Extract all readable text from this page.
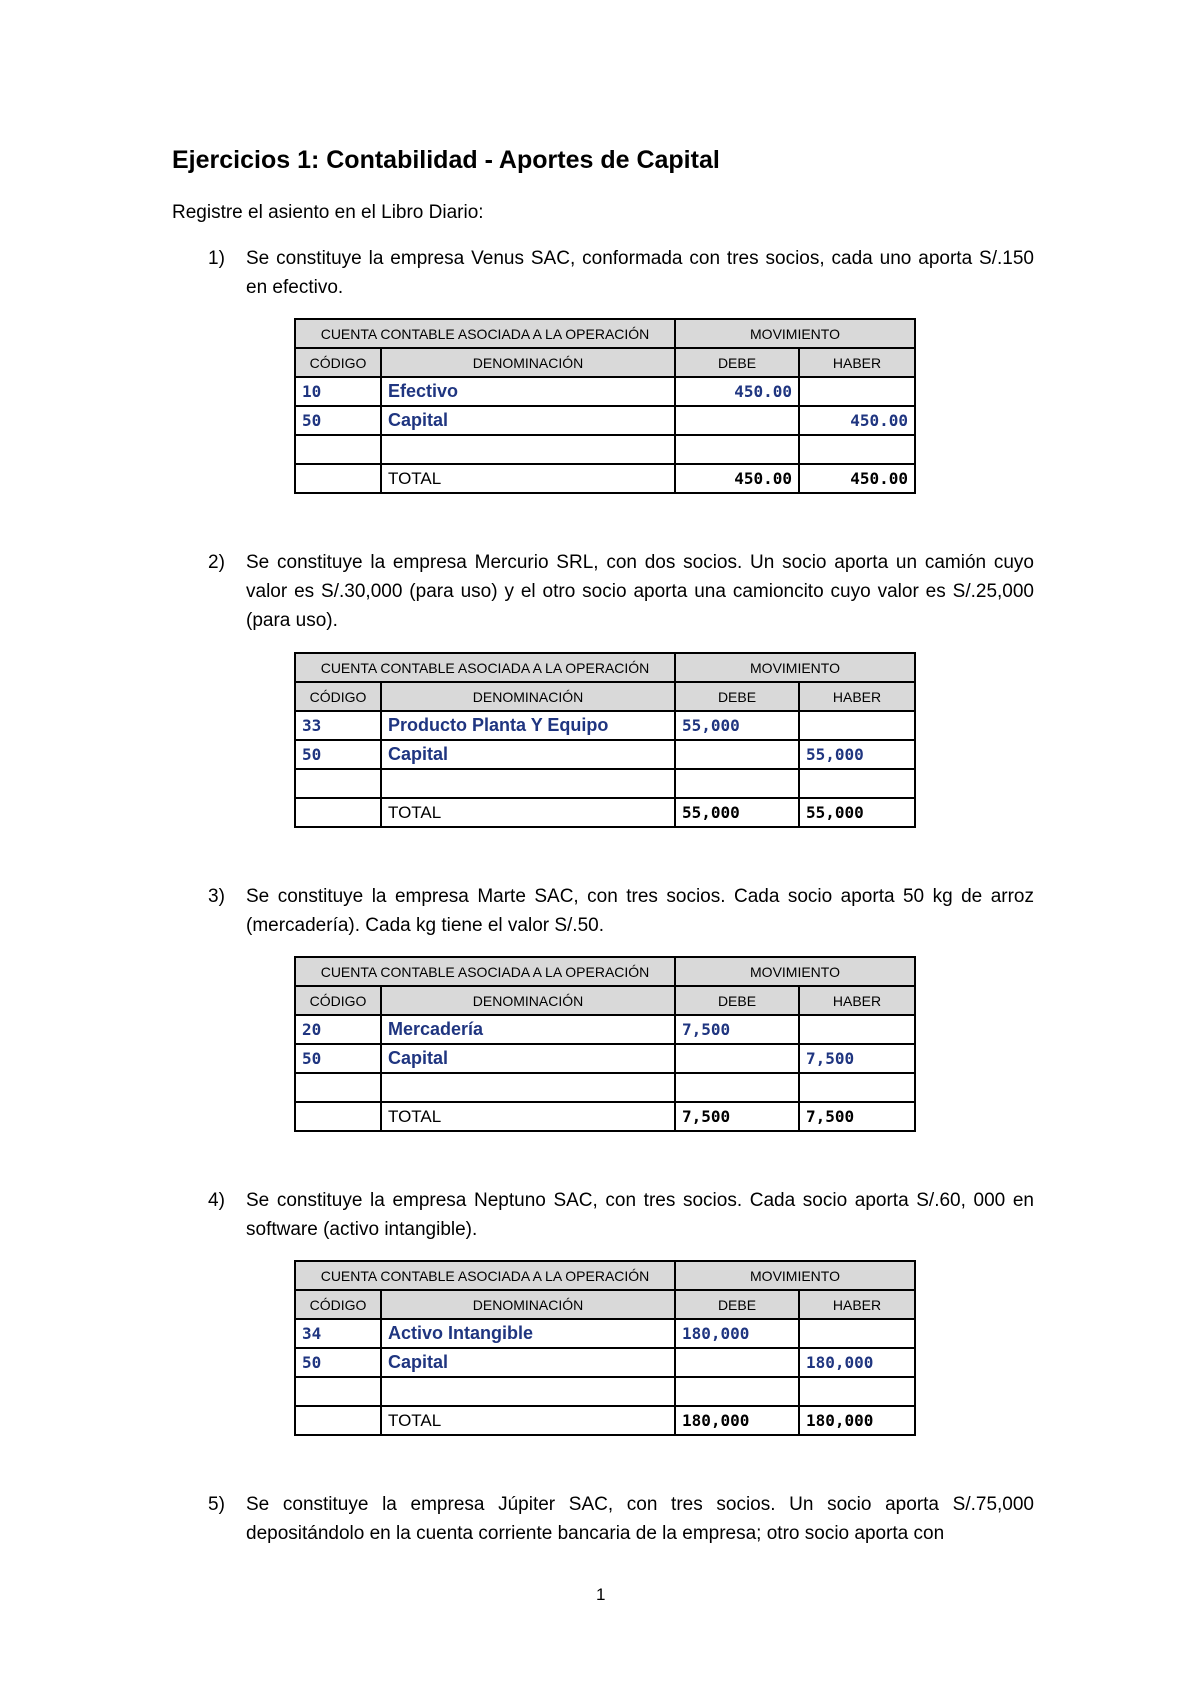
Ejercicios 1: Contabilidad - Aportes de Capital

Registre el asiento en el Libro Diario:

1) Se constituye la empresa Venus SAC, conformada con tres socios, cada uno aporta S/.150 en efectivo.
CUENTA CONTABLE ASOCIADA A LA OPERACIÓN		MOVIMIENTO	
CÓDIGO	DENOMINACIÓN	DEBE	HABER
10	Efectivo	450.00	
50	Capital		450.00

	TOTAL	450.00	450.00
2) Se constituye la empresa Mercurio SRL, con dos socios. Un socio aporta un camión cuyo valor es S/.30,000 (para uso) y el otro socio aporta una camioncito cuyo valor es S/.25,000 (para uso).
CUENTA CONTABLE ASOCIADA A LA OPERACIÓN		MOVIMIENTO	
CÓDIGO	DENOMINACIÓN	DEBE	HABER
33	Producto Planta Y Equipo	55,000	
50	Capital		55,000

	TOTAL	55,000	55,000
3) Se constituye la empresa Marte SAC, con tres socios. Cada socio aporta 50 kg de arroz (mercadería). Cada kg tiene el valor S/.50.
CUENTA CONTABLE ASOCIADA A LA OPERACIÓN		MOVIMIENTO	
CÓDIGO	DENOMINACIÓN	DEBE	HABER
20	Mercadería	7,500	
50	Capital		7,500

	TOTAL	7,500	7,500
4) Se constituye la empresa Neptuno SAC, con tres socios. Cada socio aporta S/.60, 000 en software (activo intangible).
CUENTA CONTABLE ASOCIADA A LA OPERACIÓN		MOVIMIENTO	
CÓDIGO	DENOMINACIÓN	DEBE	HABER
34	Activo Intangible	180,000	
50	Capital		180,000

	TOTAL	180,000	180,000
5) Se constituye la empresa Júpiter SAC, con tres socios. Un socio aporta S/.75,000 depositándolo en la cuenta corriente bancaria de la empresa; otro socio aporta con
1
